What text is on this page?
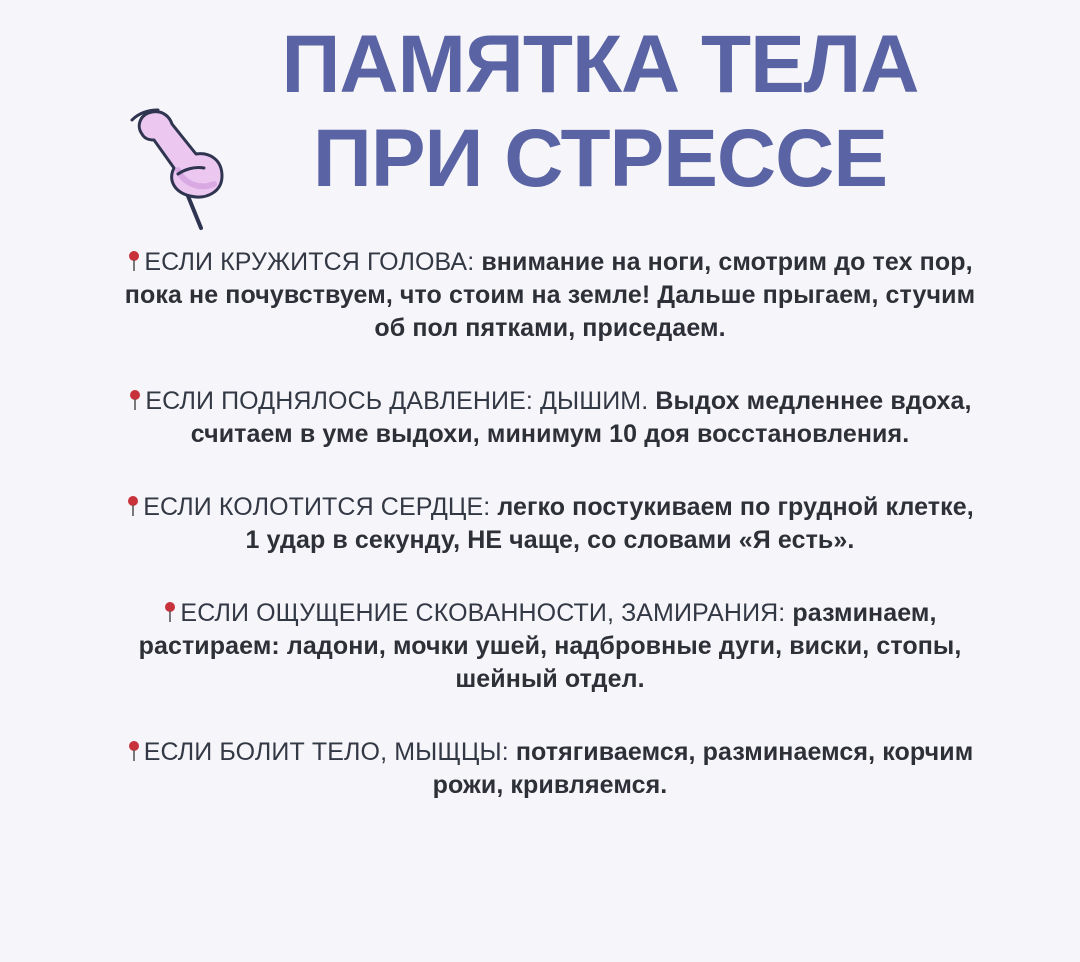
ПАМЯТКА ТЕЛА
ПРИ СТРЕССЕ

ЕСЛИ КРУЖИТСЯ ГОЛОВА: внимание на ноги, смотрим до тех пор, пока не почувствуем, что стоим на земле! Дальше прыгаем, стучим об пол пятками, приседаем.

ЕСЛИ ПОДНЯЛОСЬ ДАВЛЕНИЕ: ДЫШИМ. Выдох медленнее вдоха, считаем в уме выдохи, минимум 10 доя восстановления.

ЕСЛИ КОЛОТИТСЯ СЕРДЦЕ: легко постукиваем по грудной клетке, 1 удар в секунду, НЕ чаще, со словами «Я есть».

ЕСЛИ ОЩУЩЕНИЕ СКОВАННОСТИ, ЗАМИРАНИЯ: разминаем, растираем: ладони, мочки ушей, надбровные дуги, виски, стопы, шейный отдел.

ЕСЛИ БОЛИТ ТЕЛО, МЫЩЦЫ: потягиваемся, разминаемся, корчим рожи, кривляемся.
